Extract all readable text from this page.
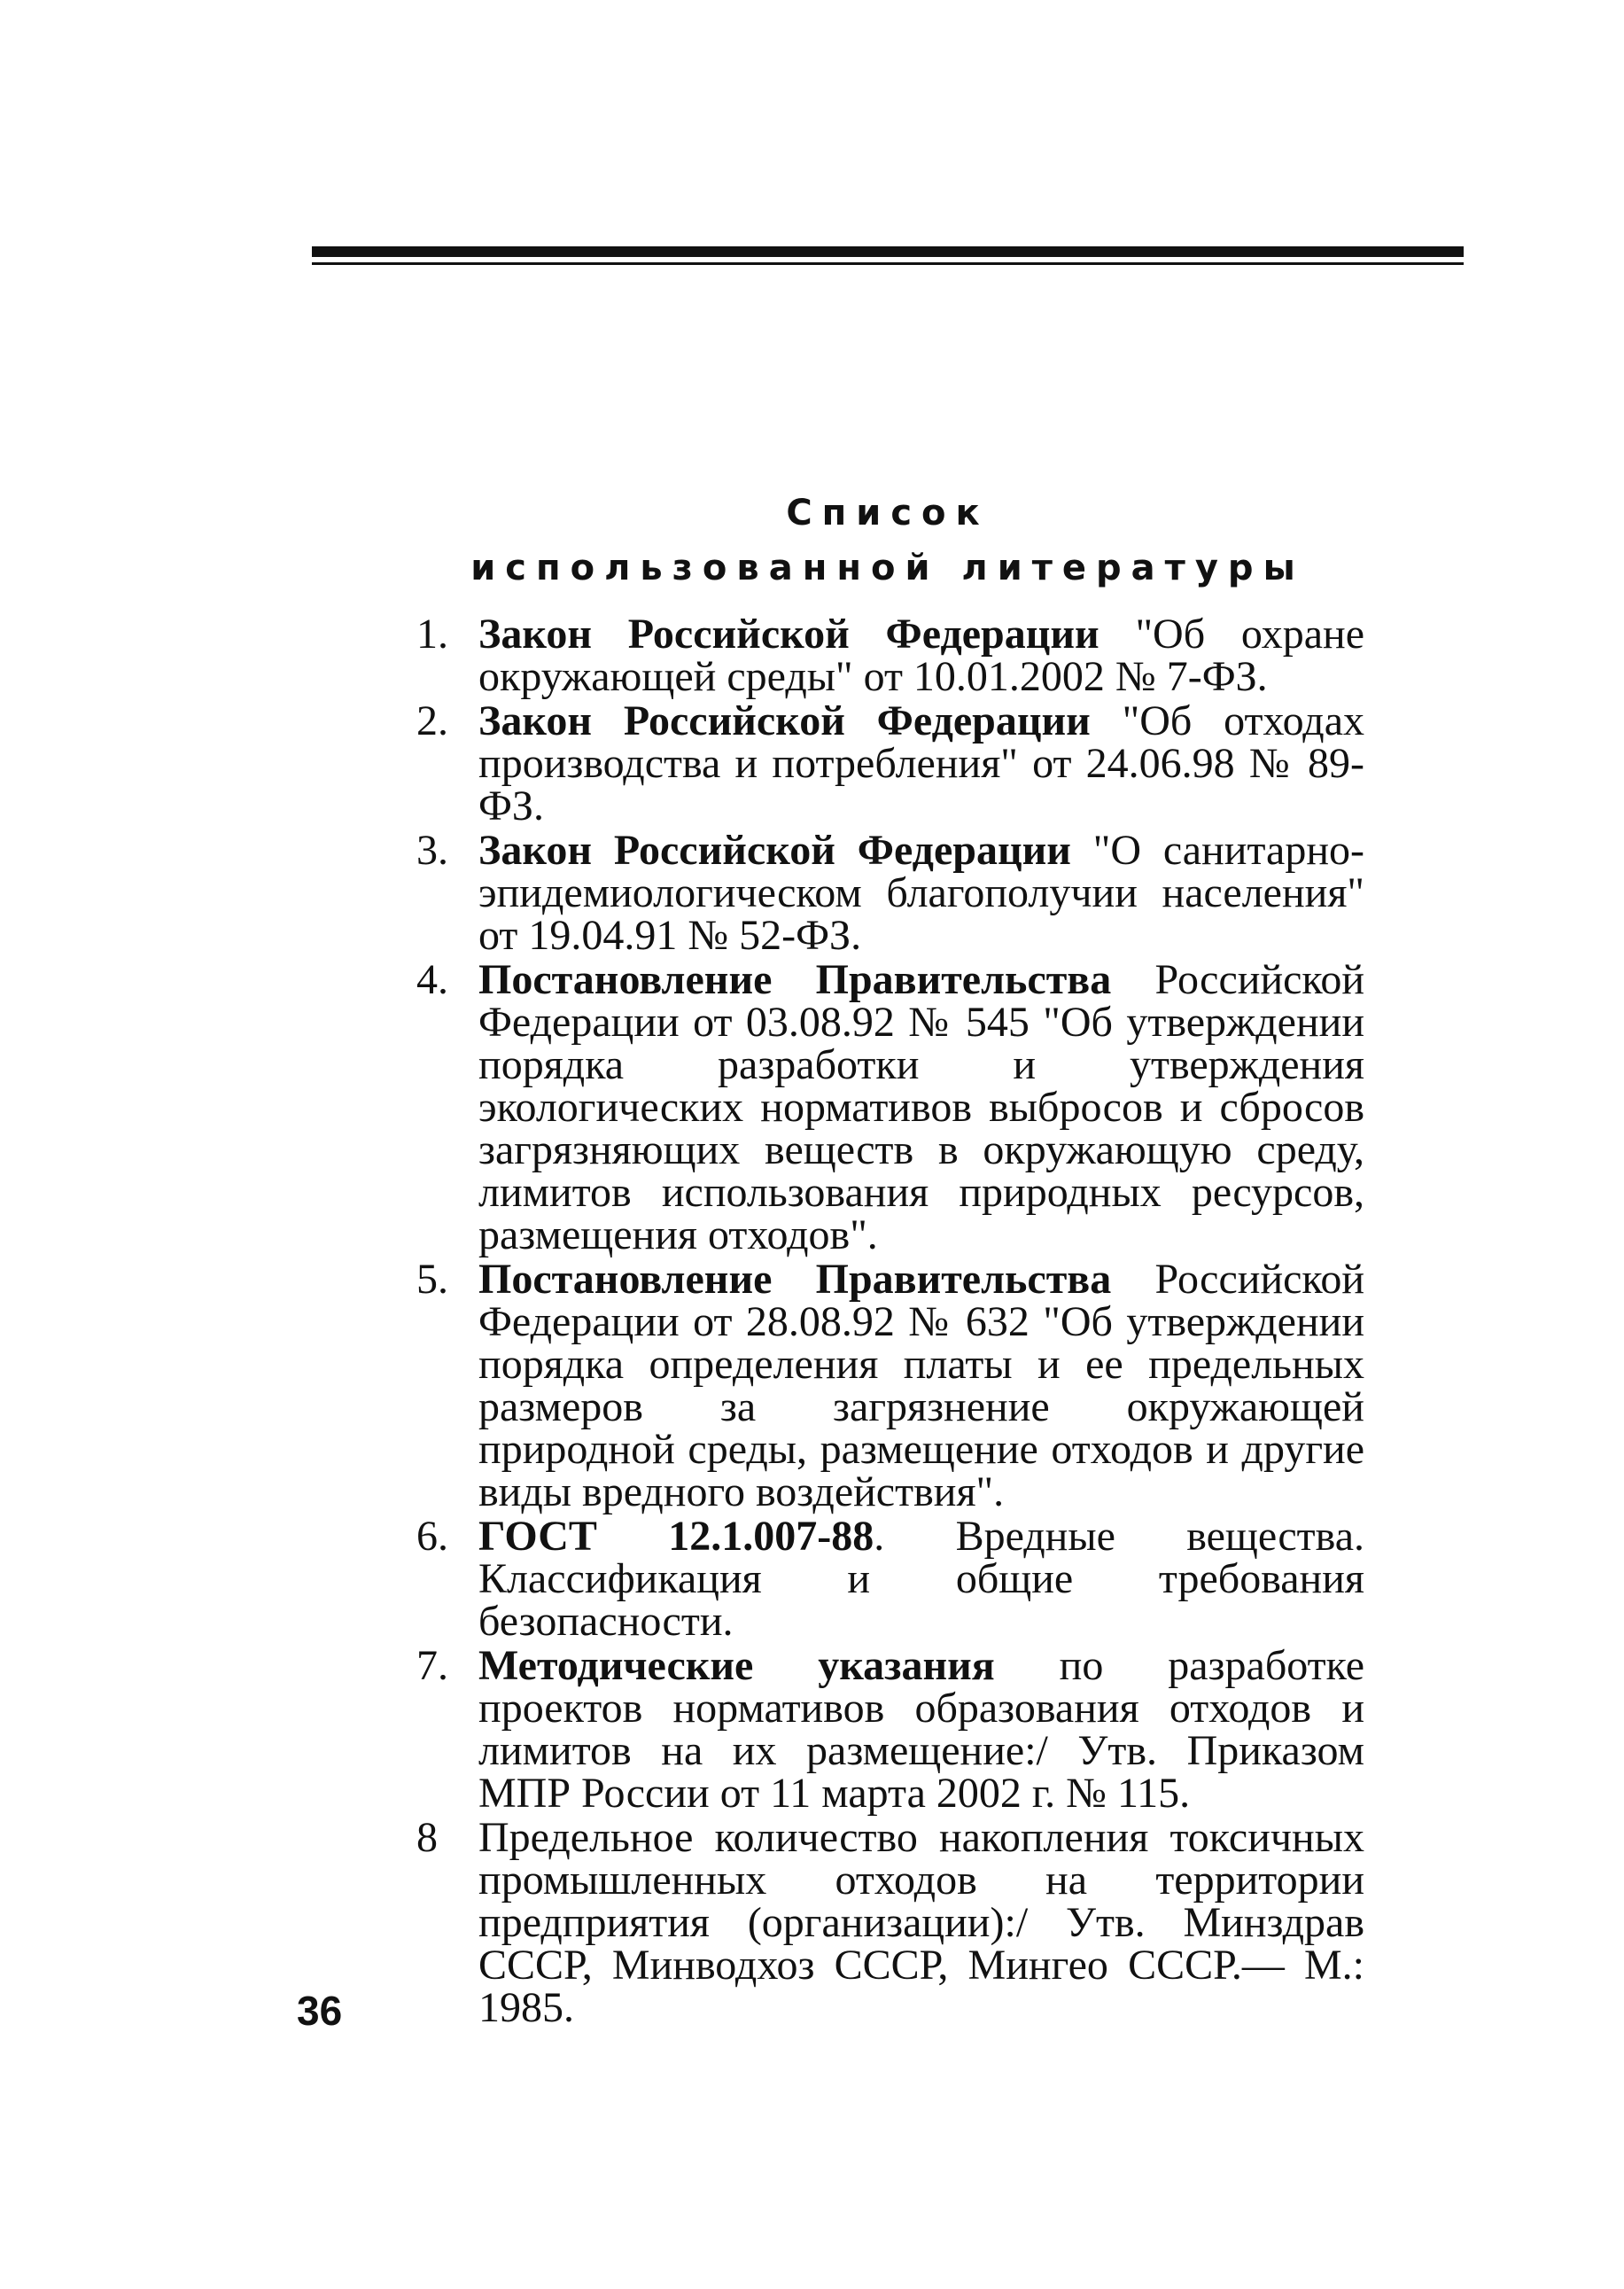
Список
использованной литературы
1. Закон Российской Федерации "Об охране окружающей среды" от 10.01.2002 № 7-ФЗ.
2. Закон Российской Федерации "Об отходах производства и потребления" от 24.06.98 № 89-ФЗ.
3. Закон Российской Федерации "О санитарно-эпидемиологическом благополучии населения" от 19.04.91 № 52-ФЗ.
4. Постановление Правительства Российской Федерации от 03.08.92 № 545 "Об утверждении порядка разработки и утверждения экологических нормативов выбросов и сбросов загрязняющих веществ в окружающую среду, лимитов использования природных ресурсов, размещения отходов".
5. Постановление Правительства Российской Федерации от 28.08.92 № 632 "Об утверждении порядка определения платы и ее предельных размеров за загрязнение окружающей природной среды, размещение отходов и другие виды вредного воздействия".
6. ГОСТ 12.1.007-88. Вредные вещества. Классификация и общие требования безопасности.
7. Методические указания по разработке проектов нормативов образования отходов и лимитов на их размещение:/ Утв. Приказом МПР России от 11 марта 2002 г. № 115.
8 Предельное количество накопления токсичных промышленных отходов на территории предприятия (организации):/ Утв. Минздрав СССР, Минводхоз СССР, Мингео СССР.— М.: 1985.
36
